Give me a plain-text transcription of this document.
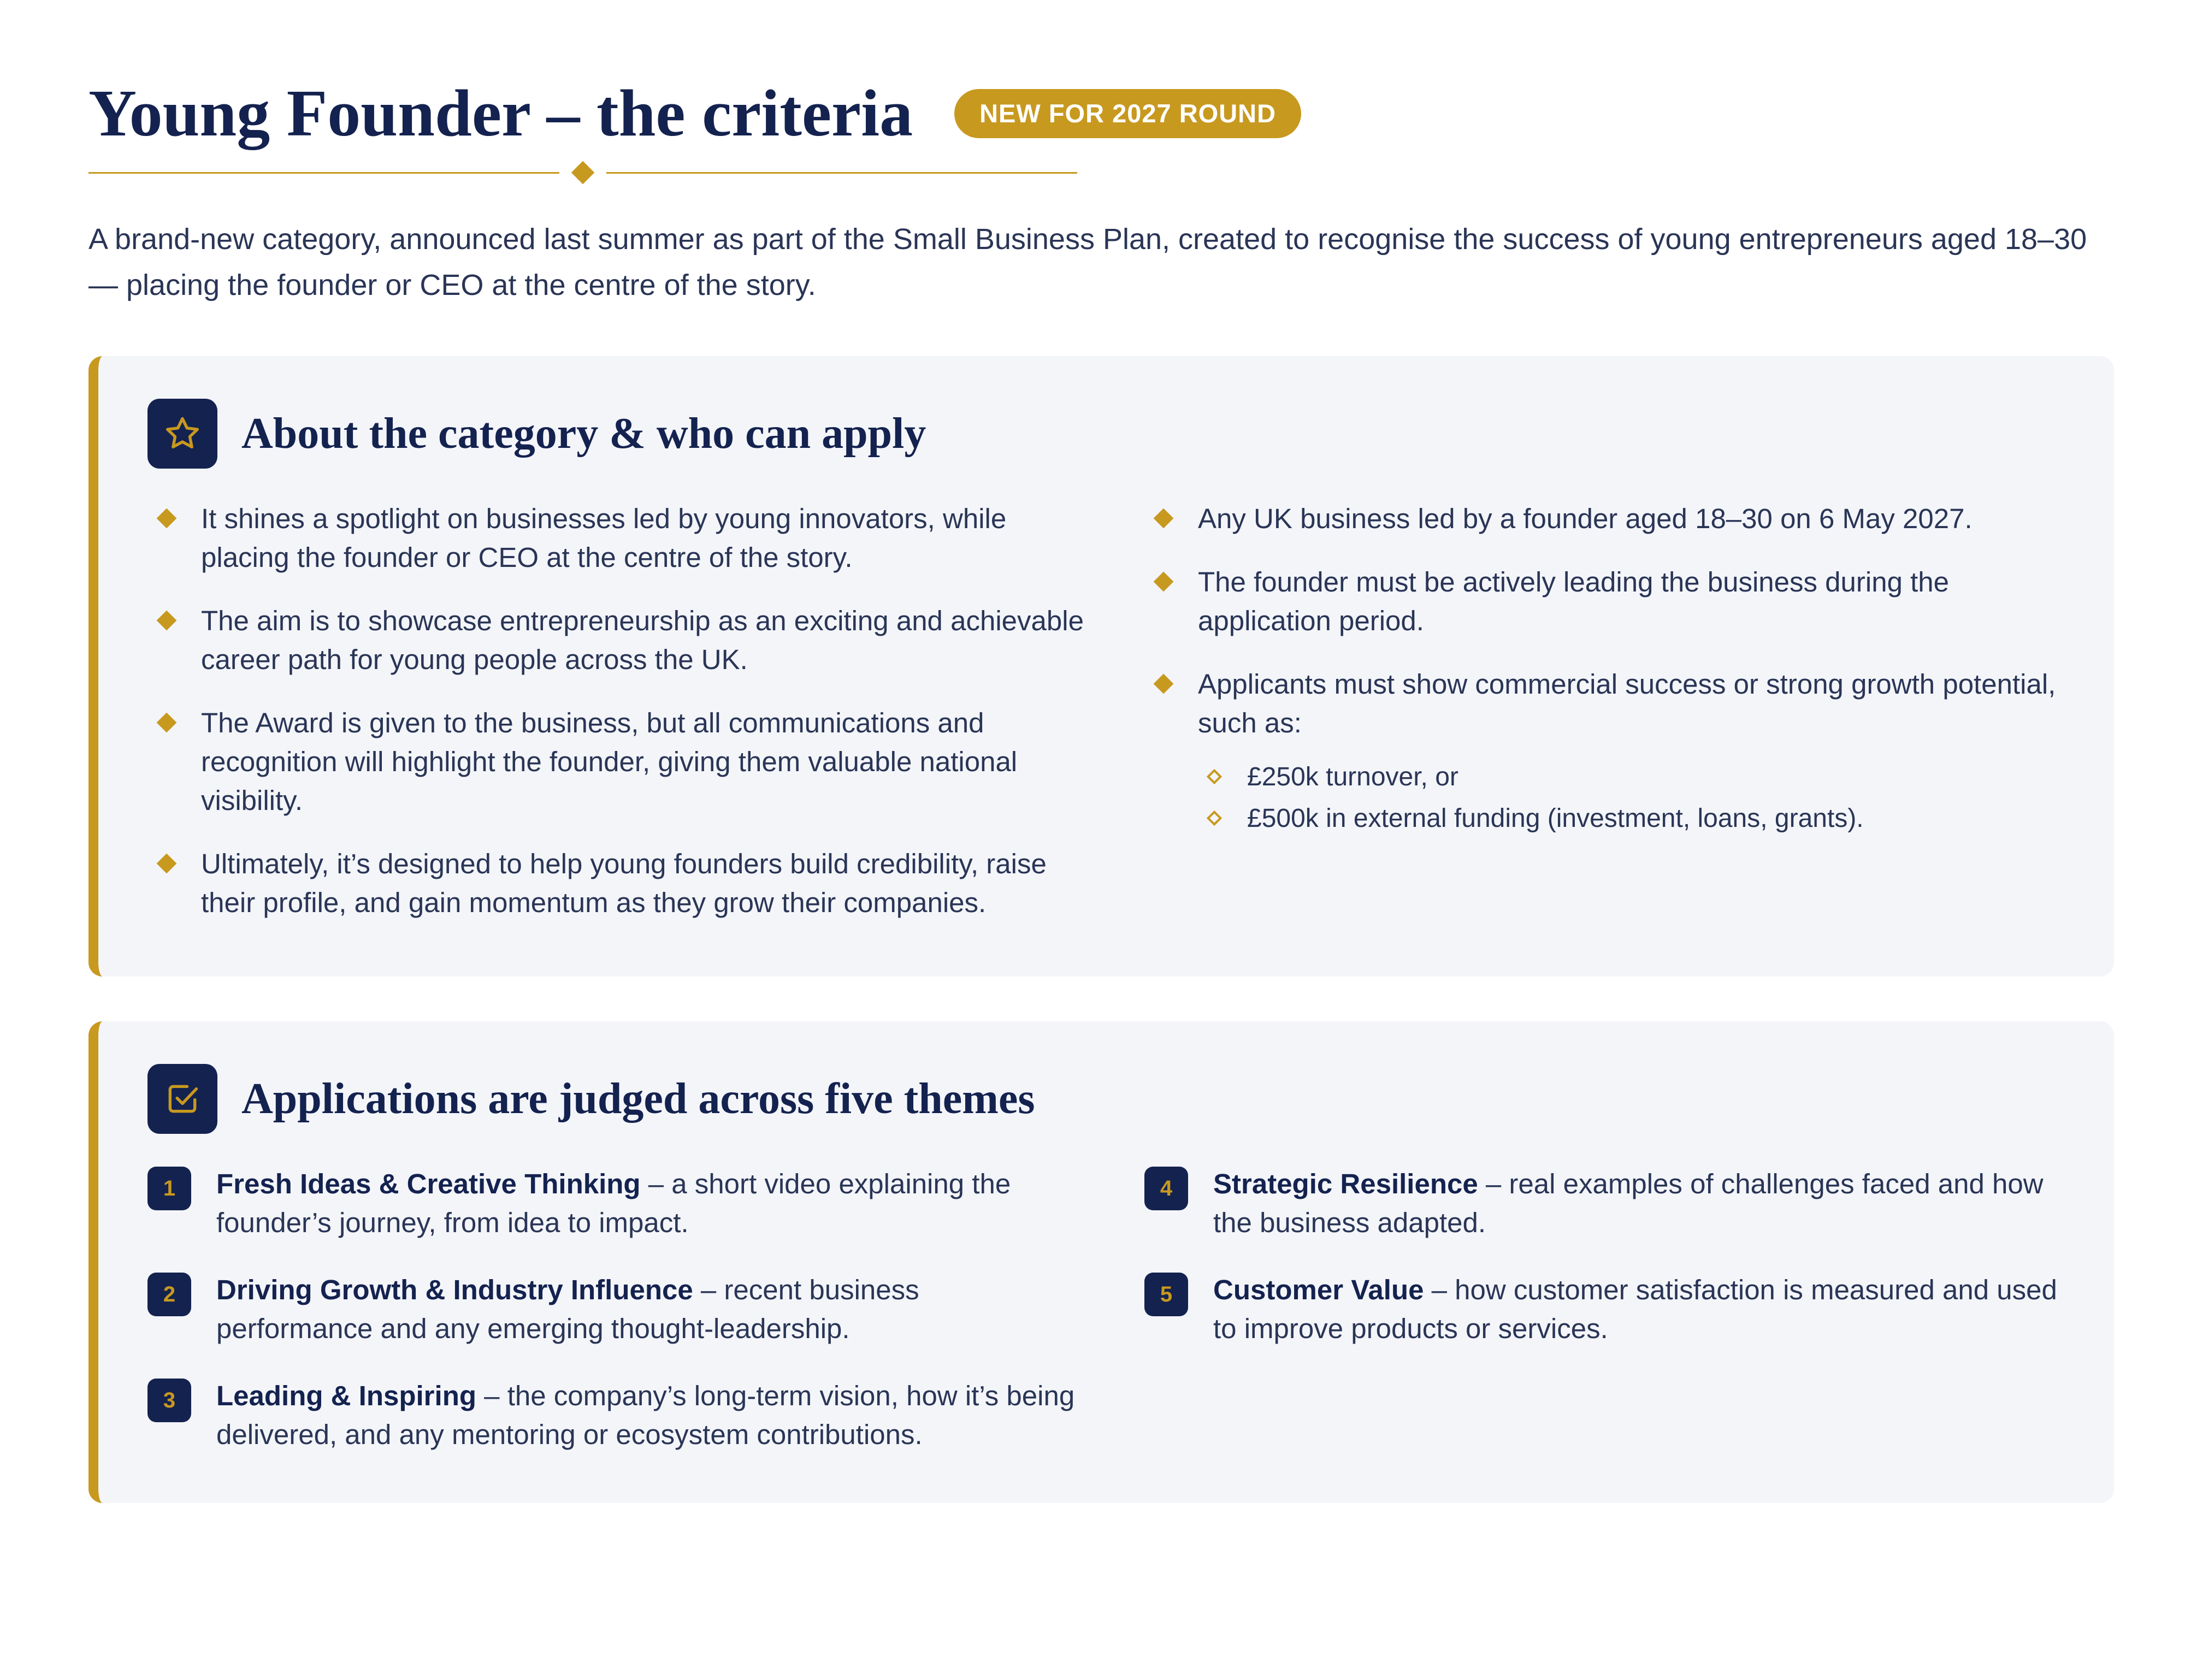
Young Founder – the criteria	NEW FOR 2027 ROUND

A brand-new category, announced last summer as part of the Small Business Plan, created to recognise the success of young entrepreneurs aged 18–30 — placing the founder or CEO at the centre of the story.

About the category & who can apply
It shines a spotlight on businesses led by young innovators, while placing the founder or CEO at the centre of the story.
The aim is to showcase entrepreneurship as an exciting and achievable career path for young people across the UK.
The Award is given to the business, but all communications and recognition will highlight the founder, giving them valuable national visibility.
Ultimately, it’s designed to help young founders build credibility, raise their profile, and gain momentum as they grow their companies.
Any UK business led by a founder aged 18–30 on 6 May 2027.
The founder must be actively leading the business during the application period.
Applicants must show commercial success or strong growth potential, such as:
£250k turnover, or
£500k in external funding (investment, loans, grants).
Applications are judged across five themes
1	Fresh Ideas & Creative Thinking – a short video explaining the founder’s journey, from idea to impact.
2	Driving Growth & Industry Influence – recent business performance and any emerging thought-leadership.
3	Leading & Inspiring – the company’s long-term vision, how it’s being delivered, and any mentoring or ecosystem contributions.
4	Strategic Resilience – real examples of challenges faced and how the business adapted.
5	Customer Value – how customer satisfaction is measured and used to improve products or services.
